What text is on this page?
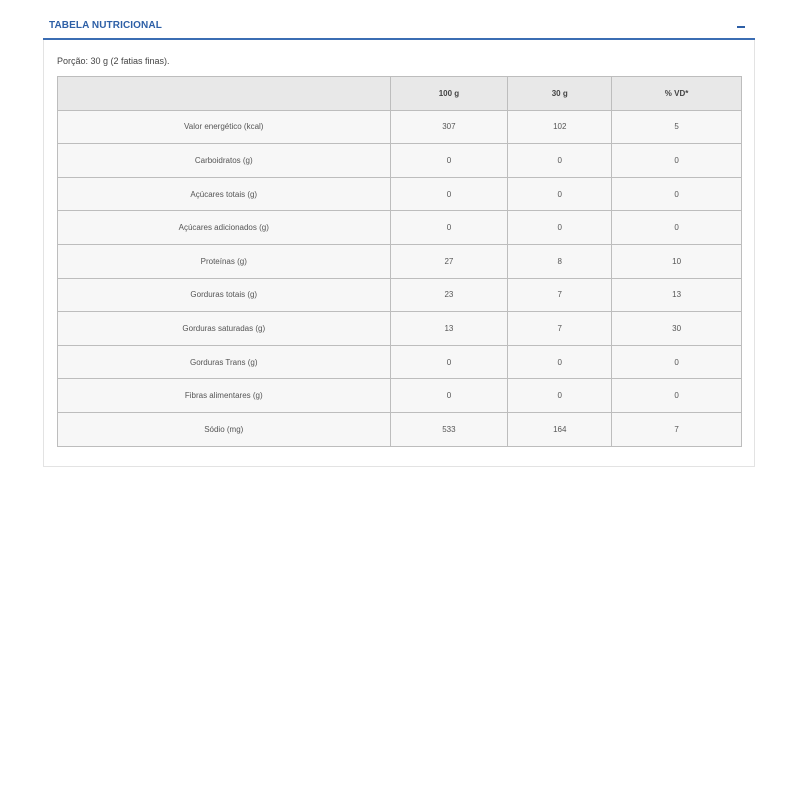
TABELA NUTRICIONAL
Porção: 30 g (2 fatias finas).
	100 g	30 g	% VD*
Valor energético (kcal)	307	102	5
Carboidratos (g)	0	0	0
Açúcares totais (g)	0	0	0
Açúcares adicionados (g)	0	0	0
Proteínas (g)	27	8	10
Gorduras totais (g)	23	7	13
Gorduras saturadas (g)	13	7	30
Gorduras Trans (g)	0	0	0
Fibras alimentares (g)	0	0	0
Sódio (mg)	533	164	7
